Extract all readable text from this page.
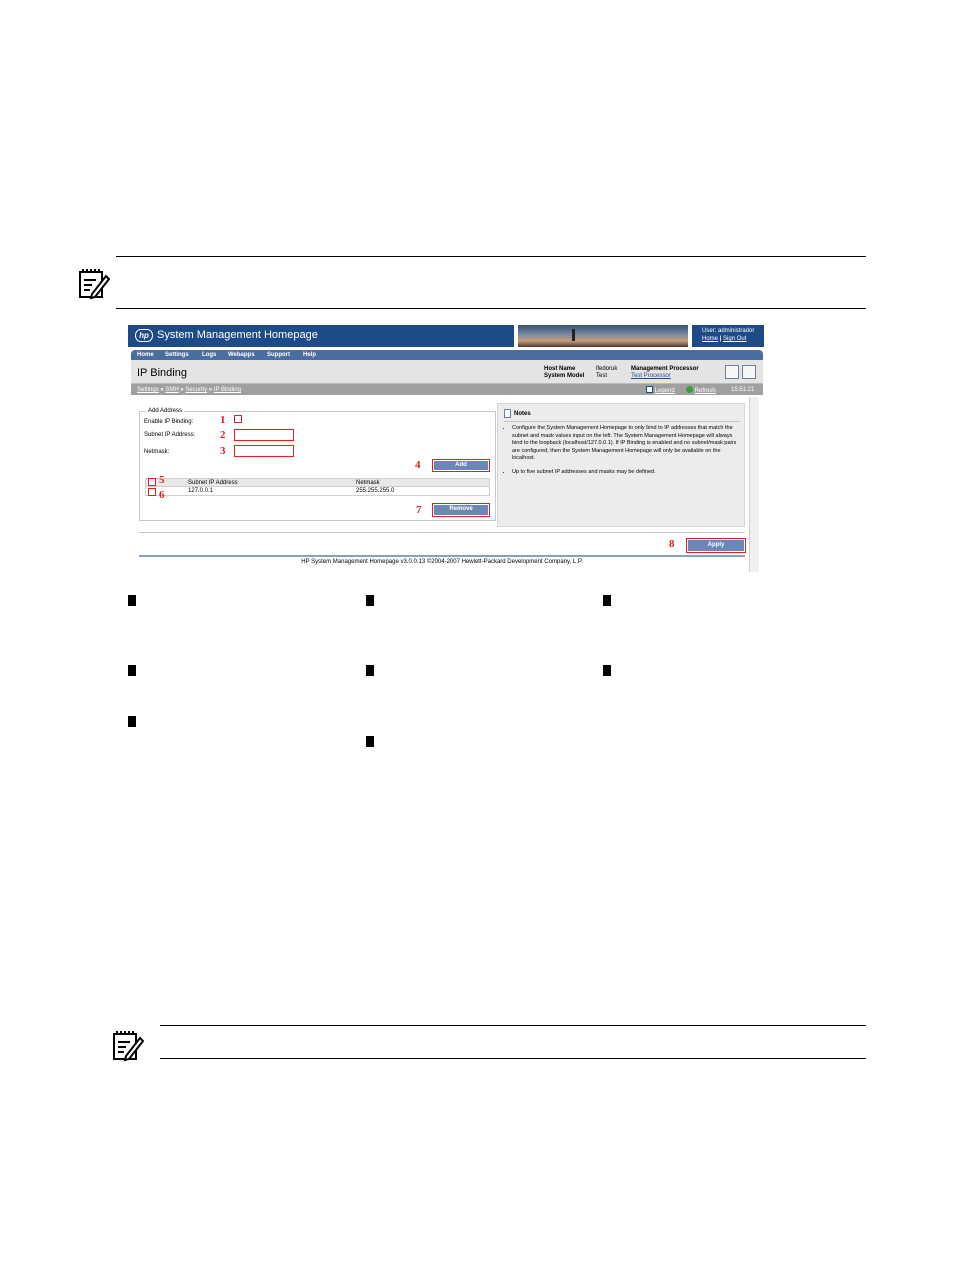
hp System Management Homepage	User: administrador
Home | Sign Out
Home Settings Logs Webapps Support Help
IP Binding	Host Name
System Model
lfedoruk
Test
Management Processor
Test Processor
Settings » SMH » Security » IP Binding	Legend	Refresh	15:51:21
Add Address
Enable IP Binding: 1
Subnet IP Address: 2
Netmask:	3
4	Add
Subnet IP Address	Netmask
127.0.0.1	255.255.255.0
5
6
7	Remove
Notes
• Configure the System Management Homepage to only bind to IP addresses that match the subnet and mask values input on the left. The System Management Homepage will always bind to the loopback (localhost/127.0.0.1). If IP Binding is enabled and no subnet/mask pairs are configured, then the System Management Homepage will only be available on the localhost.
• Up to five subnet IP addresses and masks may be defined.
8	Apply
HP System Management Homepage v3.0.0.13 ©2004-2007 Hewlett-Packard Development Company, L.P.
